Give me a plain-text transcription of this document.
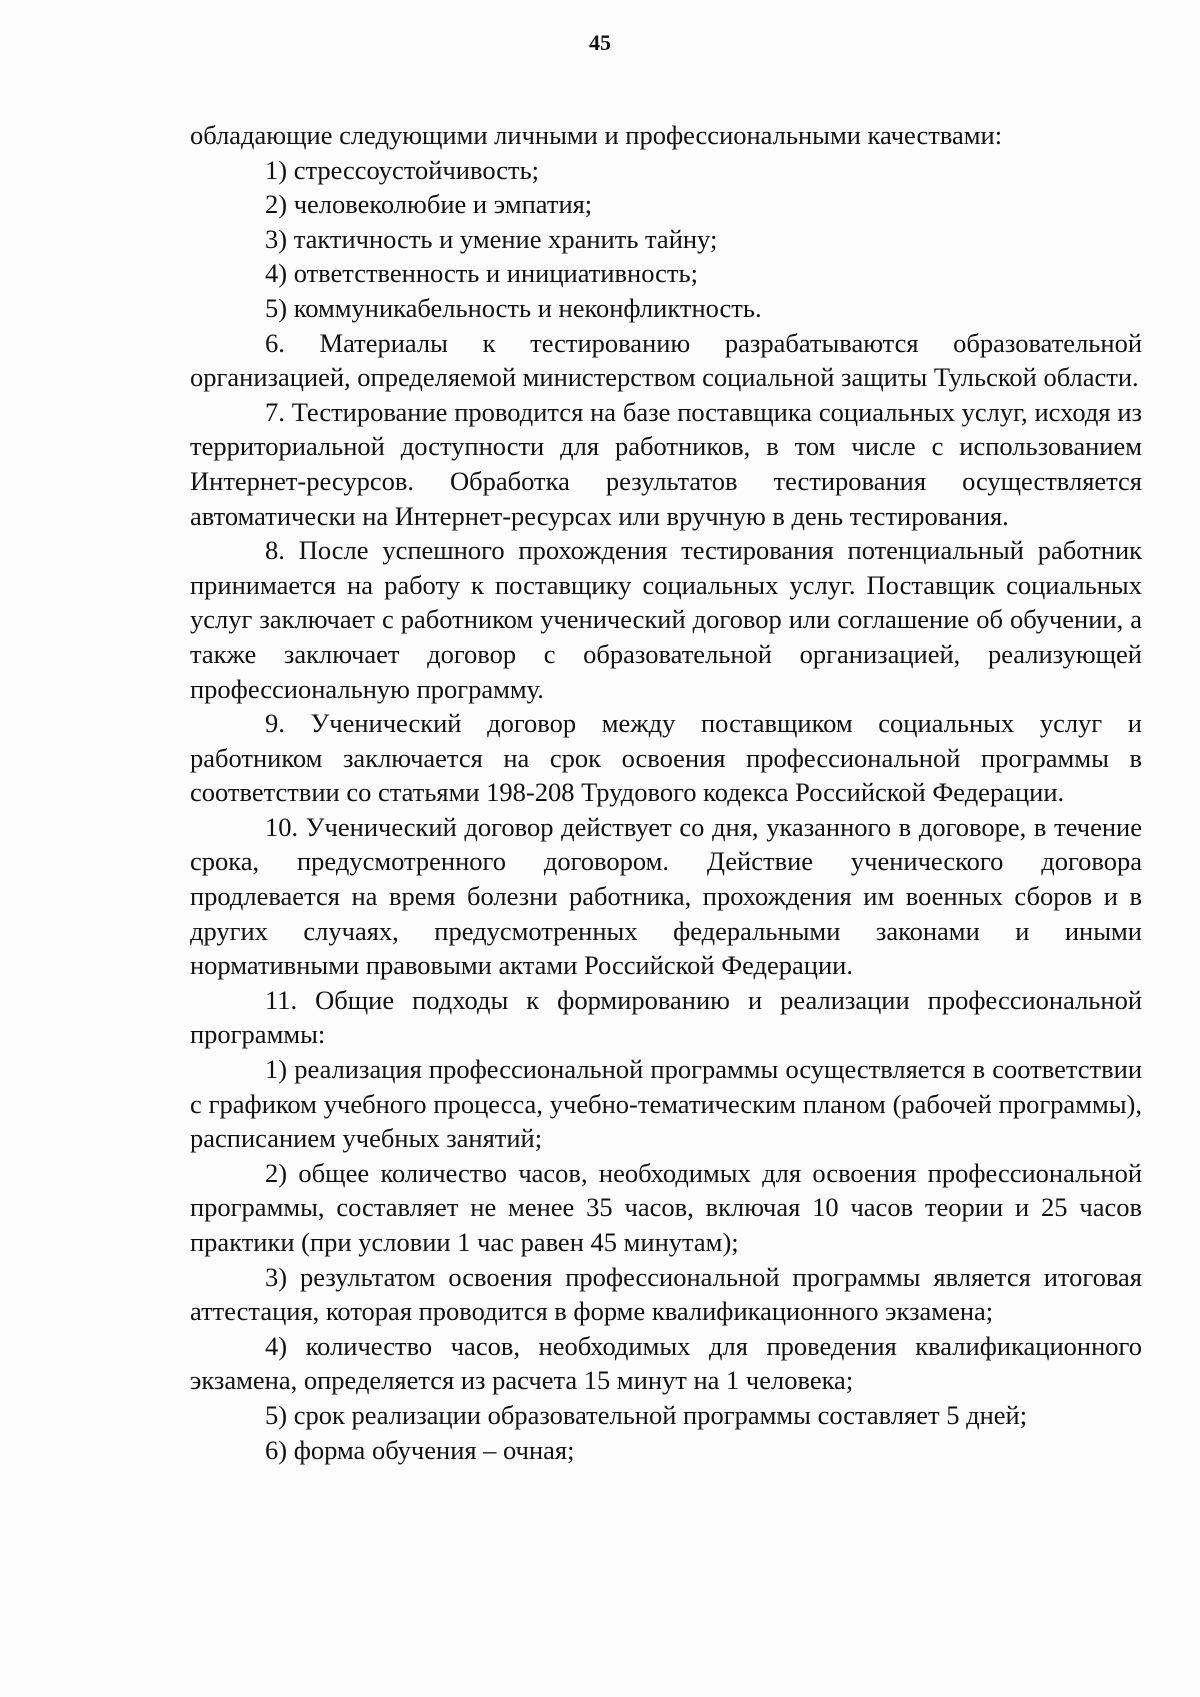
45

обладающие следующими личными и профессиональными качествами:

1) стрессоустойчивость;

2) человеколюбие и эмпатия;

3) тактичность и умение хранить тайну;

4) ответственность и инициативность;

5) коммуникабельность и неконфликтность.

6. Материалы к тестированию разрабатываются образовательной организацией, определяемой министерством социальной защиты Тульской области.

7. Тестирование проводится на базе поставщика социальных услуг, исходя из территориальной доступности для работников, в том числе с использованием Интернет-ресурсов. Обработка результатов тестирования осуществляется автоматически на Интернет-ресурсах или вручную в день тестирования.

8. После успешного прохождения тестирования потенциальный работник принимается на работу к поставщику социальных услуг. Поставщик социальных услуг заключает с работником ученический договор или соглашение об обучении, а также заключает договор с образовательной организацией, реализующей профессиональную программу.

9. Ученический договор между поставщиком социальных услуг и работником заключается на срок освоения профессиональной программы в соответствии со статьями 198-208 Трудового кодекса Российской Федерации.

10. Ученический договор действует со дня, указанного в договоре, в течение срока, предусмотренного договором. Действие ученического договора продлевается на время болезни работника, прохождения им военных сборов и в других случаях, предусмотренных федеральными законами и иными нормативными правовыми актами Российской Федерации.

11. Общие подходы к формированию и реализации профессиональной программы:

1) реализация профессиональной программы осуществляется в соответствии с графиком учебного процесса, учебно-тематическим планом (рабочей программы), расписанием учебных занятий;

2) общее количество часов, необходимых для освоения профессиональной программы, составляет не менее 35 часов, включая 10 часов теории и 25 часов практики (при условии 1 час равен 45 минутам);

3) результатом освоения профессиональной программы является итоговая аттестация, которая проводится в форме квалификационного экзамена;

4) количество часов, необходимых для проведения квалификационного экзамена, определяется из расчета 15 минут на 1 человека;

5) срок реализации образовательной программы составляет 5 дней;

6) форма обучения – очная;
